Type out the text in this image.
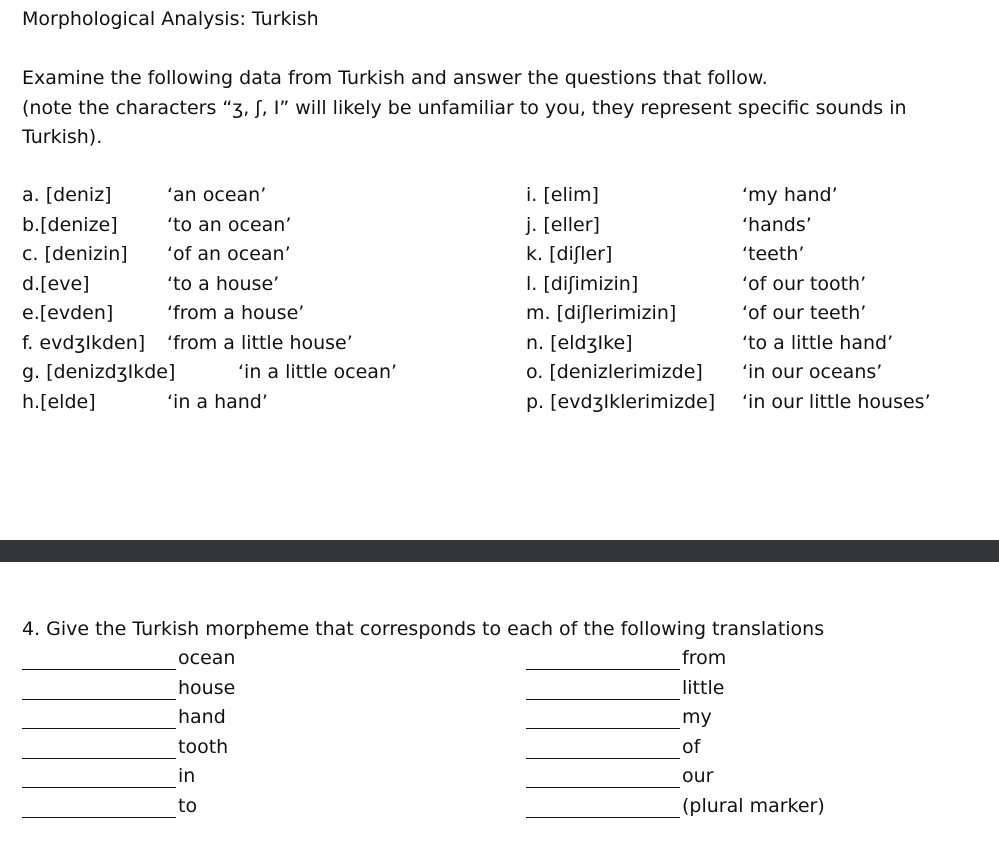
Morphological Analysis: Turkish

Examine the following data from Turkish and answer the questions that follow.

(note the characters “ʒ, ʃ, I” will likely be unfamiliar to you, they represent specific sounds in Turkish).

a. [deniz]	‘an ocean’
b.[denize]	‘to an ocean’
c. [denizin] ‘of an ocean’
d.[eve]	‘to a house’
e.[evden]	‘from a house’
f. evdʒIkden] ‘from a little house’
g. [denizdʒIkde]	‘in a little ocean’
h.[elde]	‘in a hand’
i. [elim]	‘my hand’
j. [eller]	‘hands’
k. [diʃler]	‘teeth’
l. [diʃimizin]	‘of our tooth’
m. [diʃlerimizin]	‘of our teeth’
n. [eldʒIke]	‘to a little hand’
o. [denizlerimizde] ‘in our oceans’
p. [evdʒIklerimizde] ‘in our little houses’
4. Give the Turkish morpheme that corresponds to each of the following translations
ocean
house
hand
tooth
in
to
from
little
my
of
our
(plural marker)
